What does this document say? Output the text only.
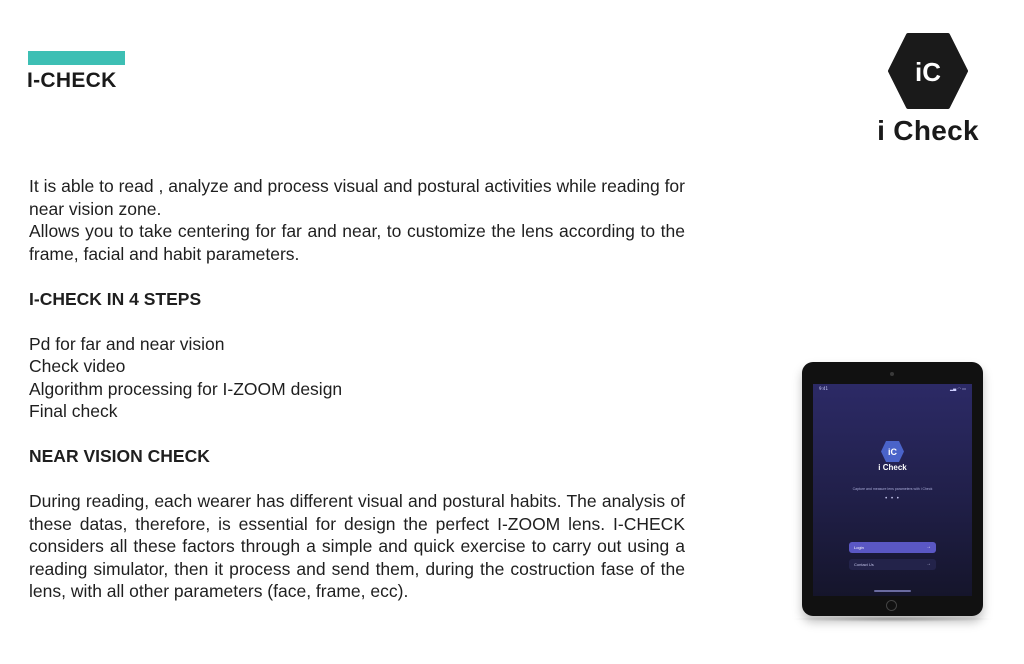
I-CHECK	iC
i Check

It is able to read , analyze and process visual and postural activities while reading for near vision zone.

Allows you to take centering for far and near, to customize the lens according to the frame, facial and habit parameters.

I-CHECK IN 4 STEPS
Pd for far and near vision
Check video
Algorithm processing for I-ZOOM design
Final check
NEAR VISION CHECK

During reading, each wearer has different visual and postural habits. The analysis of these datas, therefore, is essential for design the perfect I-ZOOM lens. I-CHECK considers all these factors through a simple and quick exercise to carry out using a reading simulator, then it process and send them, during the costruction fase of the lens, with all other parameters (face, frame, ecc).

9:41	▂▄ ◠ ▭
iC
i Check
Capture and measure lens parameters with i Check
• • •
Login	→
Contact Us	→
